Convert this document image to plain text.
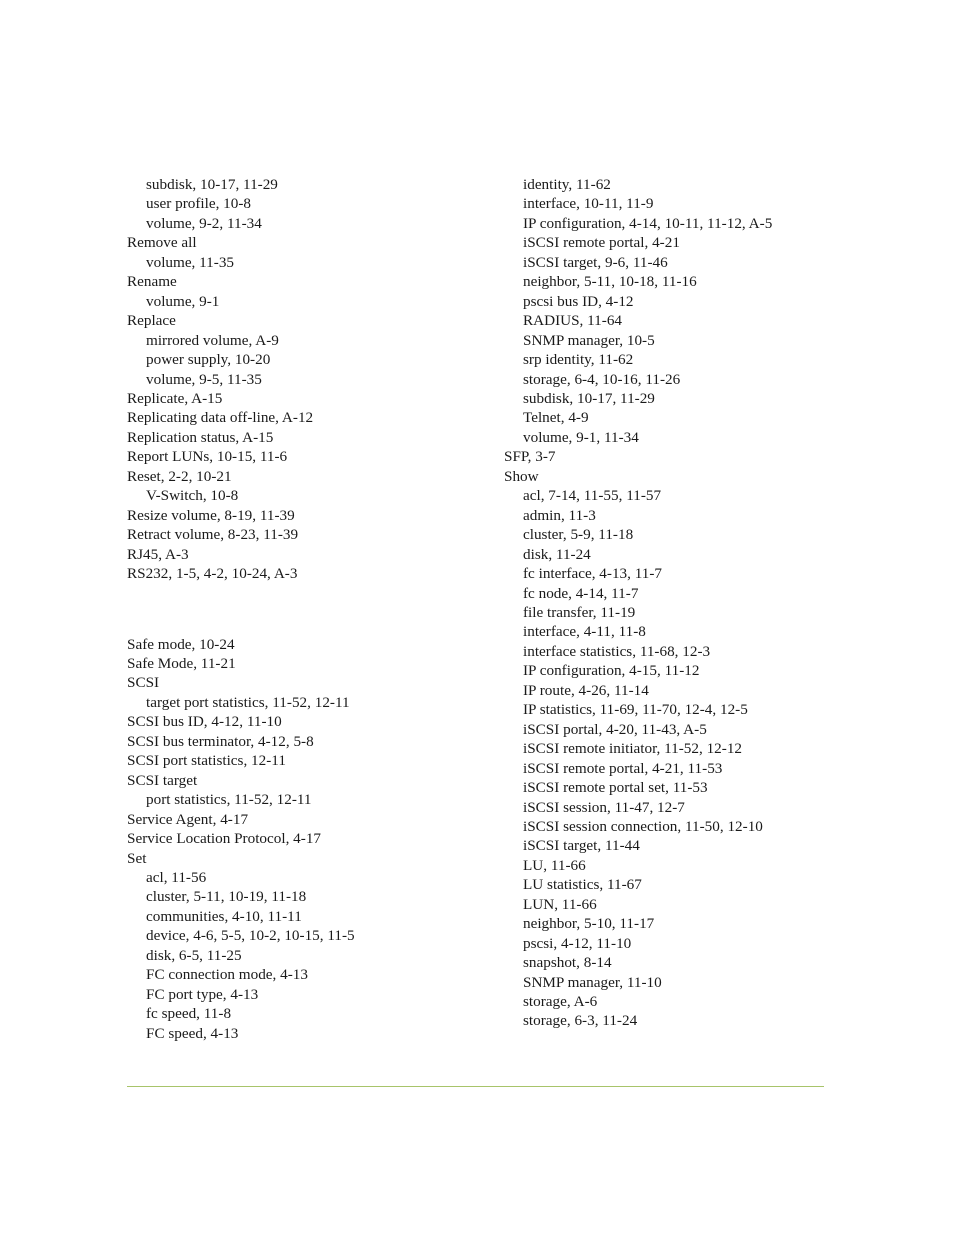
subdisk, 10-17, 11-29
user profile, 10-8
volume, 9-2, 11-34
Remove all
volume, 11-35
Rename
volume, 9-1
Replace
mirrored volume, A-9
power supply, 10-20
volume, 9-5, 11-35
Replicate, A-15
Replicating data off-line, A-12
Replication status, A-15
Report LUNs, 10-15, 11-6
Reset, 2-2, 10-21
V-Switch, 10-8
Resize volume, 8-19, 11-39
Retract volume, 8-23, 11-39
RJ45, A-3
RS232, 1-5, 4-2, 10-24, A-3
Safe mode, 10-24
Safe Mode, 11-21
SCSI
target port statistics, 11-52, 12-11
SCSI bus ID, 4-12, 11-10
SCSI bus terminator, 4-12, 5-8
SCSI port statistics, 12-11
SCSI target
port statistics, 11-52, 12-11
Service Agent, 4-17
Service Location Protocol, 4-17
Set
acl, 11-56
cluster, 5-11, 10-19, 11-18
communities, 4-10, 11-11
device, 4-6, 5-5, 10-2, 10-15, 11-5
disk, 6-5, 11-25
FC connection mode, 4-13
FC port type, 4-13
fc speed, 11-8
FC speed, 4-13
identity, 11-62
interface, 10-11, 11-9
IP configuration, 4-14, 10-11, 11-12, A-5
iSCSI remote portal, 4-21
iSCSI target, 9-6, 11-46
neighbor, 5-11, 10-18, 11-16
pscsi bus ID, 4-12
RADIUS, 11-64
SNMP manager, 10-5
srp identity, 11-62
storage, 6-4, 10-16, 11-26
subdisk, 10-17, 11-29
Telnet, 4-9
volume, 9-1, 11-34
SFP, 3-7
Show
acl, 7-14, 11-55, 11-57
admin, 11-3
cluster, 5-9, 11-18
disk, 11-24
fc interface, 4-13, 11-7
fc node, 4-14, 11-7
file transfer, 11-19
interface, 4-11, 11-8
interface statistics, 11-68, 12-3
IP configuration, 4-15, 11-12
IP route, 4-26, 11-14
IP statistics, 11-69, 11-70, 12-4, 12-5
iSCSI portal, 4-20, 11-43, A-5
iSCSI remote initiator, 11-52, 12-12
iSCSI remote portal, 4-21, 11-53
iSCSI remote portal set, 11-53
iSCSI session, 11-47, 12-7
iSCSI session connection, 11-50, 12-10
iSCSI target, 11-44
LU, 11-66
LU statistics, 11-67
LUN, 11-66
neighbor, 5-10, 11-17
pscsi, 4-12, 11-10
snapshot, 8-14
SNMP manager, 11-10
storage, A-6
storage, 6-3, 11-24
